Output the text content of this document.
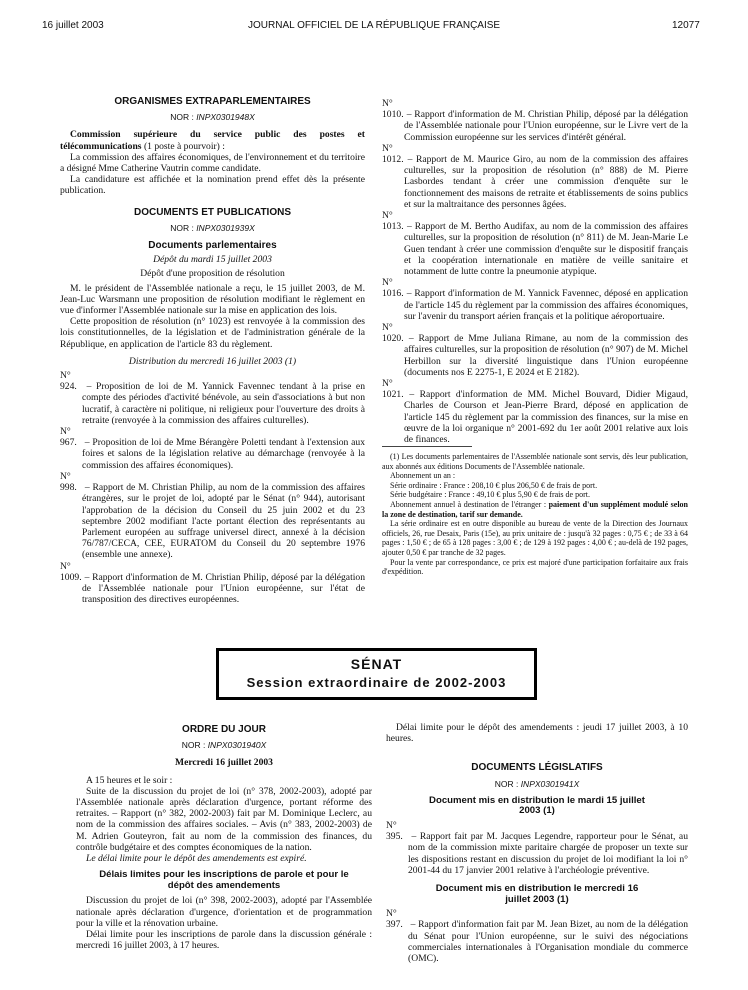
16 juillet 2003	JOURNAL OFFICIEL DE LA RÉPUBLIQUE FRANÇAISE	12077
ORGANISMES EXTRAPARLEMENTAIRES
NOR : INPX0301948X

Commission supérieure du service public des postes et télécommunications (1 poste à pourvoir) :

La commission des affaires économiques, de l'environnement et du territoire a désigné Mme Catherine Vautrin comme candidate.

La candidature est affichée et la nomination prend effet dès la présente publication.

DOCUMENTS ET PUBLICATIONS
NOR : INPX0301939X
Documents parlementaires
Dépôt du mardi 15 juillet 2003
Dépôt d'une proposition de résolution

M. le président de l'Assemblée nationale a reçu, le 15 juillet 2003, de M. Jean-Luc Warsmann une proposition de résolution modifiant le règlement en vue d'informer l'Assemblée nationale sur la mise en application des lois.

Cette proposition de résolution (n° 1023) est renvoyée à la commission des lois constitutionnelles, de la législation et de l'administration générale de la République, en application de l'article 83 du règlement.

Distribution du mercredi 16 juillet 2003 (1)
N° 924. – Proposition de loi de M. Yannick Favennec tendant à la prise en compte des périodes d'activité bénévole, au sein d'associations à but non lucratif, à caractère ni politique, ni religieux pour l'ouverture des droits à retraite (renvoyée à la commission des affaires culturelles).
N° 967. – Proposition de loi de Mme Bérangère Poletti tendant à l'extension aux foires et salons de la législation relative au démarchage (renvoyée à la commission des affaires économiques).
N° 998. – Rapport de M. Christian Philip, au nom de la commission des affaires étrangères, sur le projet de loi, adopté par le Sénat (n° 944), autorisant l'approbation de la décision du Conseil du 25 juin 2002 et du 23 septembre 2002 modifiant l'acte portant élection des représentants au Parlement européen au suffrage universel direct, annexé à la décision 76/787/CECA, CEE, EURATOM du Conseil du 20 septembre 1976 (ensemble une annexe).
N° 1009. – Rapport d'information de M. Christian Philip, déposé par la délégation de l'Assemblée nationale pour l'Union européenne, sur l'état de transposition des directives européennes.
N° 1010. – Rapport d'information de M. Christian Philip, déposé par la délégation de l'Assemblée nationale pour l'Union européenne, sur le Livre vert de la Commission européenne sur les services d'intérêt général.
N° 1012. – Rapport de M. Maurice Giro, au nom de la commission des affaires culturelles, sur la proposition de résolution (n° 888) de M. Pierre Lasbordes tendant à créer une commission d'enquête sur le fonctionnement des maisons de retraite et établissements de soins publics et sur la maltraitance des personnes âgées.
N° 1013. – Rapport de M. Bertho Audifax, au nom de la commission des affaires culturelles, sur la proposition de résolution (n° 811) de M. Jean-Marie Le Guen tendant à créer une commission d'enquête sur le dispositif français et la coopération internationale en matière de veille sanitaire et notamment de lutte contre la pneumonie atypique.
N° 1016. – Rapport d'information de M. Yannick Favennec, déposé en application de l'article 145 du règlement par la commission des affaires économiques, sur l'avenir du transport aérien français et la politique aéroportuaire.
N° 1020. – Rapport de Mme Juliana Rimane, au nom de la commission des affaires culturelles, sur la proposition de résolution (n° 907) de M. Michel Herbillon sur la diversité linguistique dans l'Union européenne (documents nos E 2275-1, E 2024 et E 2182).
N° 1021. – Rapport d'information de MM. Michel Bouvard, Didier Migaud, Charles de Courson et Jean-Pierre Brard, déposé en application de l'article 145 du règlement par la commission des finances, sur la mise en œuvre de la loi organique n° 2001-692 du 1er août 2001 relative aux lois de finances.

(1) Les documents parlementaires de l'Assemblée nationale sont servis, dès leur publication, aux abonnés aux éditions Documents de l'Assemblée nationale.

Abonnement un an :

Série ordinaire : France : 208,10 € plus 206,50 € de frais de port.

Série budgétaire : France : 49,10 € plus 5,90 € de frais de port.

Abonnement annuel à destination de l'étranger : paiement d'un supplément modulé selon la zone de destination, tarif sur demande.

La série ordinaire est en outre disponible au bureau de vente de la Direction des Journaux officiels, 26, rue Desaix, Paris (15e), au prix unitaire de : jusqu'à 32 pages : 0,75 € ; de 33 à 64 pages : 1,50 € ; de 65 à 128 pages : 3,00 € ; de 129 à 192 pages : 4,00 € ; au-delà de 192 pages, ajouter 0,50 € par tranche de 32 pages.

Pour la vente par correspondance, ce prix est majoré d'une participation forfaitaire aux frais d'expédition.

SÉNAT
Session extraordinaire de 2002-2003
ORDRE DU JOUR
NOR : INPX0301940X
Mercredi 16 juillet 2003

A 15 heures et le soir :

Suite de la discussion du projet de loi (n° 378, 2002-2003), adopté par l'Assemblée nationale après déclaration d'urgence, portant réforme des retraites. – Rapport (n° 382, 2002-2003) fait par M. Dominique Leclerc, au nom de la commission des affaires sociales. – Avis (n° 383, 2002-2003) de M. Adrien Gouteyron, fait au nom de la commission des finances, du contrôle budgétaire et des comptes économiques de la nation.

Le délai limite pour le dépôt des amendements est expiré.

Délais limites pour les inscriptions de parole et pour le dépôt des amendements

Discussion du projet de loi (n° 398, 2002-2003), adopté par l'Assemblée nationale après déclaration d'urgence, d'orientation et de programmation pour la ville et la rénovation urbaine.

Délai limite pour les inscriptions de parole dans la discussion générale : mercredi 16 juillet 2003, à 17 heures.

Délai limite pour le dépôt des amendements : jeudi 17 juillet 2003, à 10 heures.

DOCUMENTS LÉGISLATIFS
NOR : INPX0301941X
Document mis en distribution le mardi 15 juillet 2003 (1)
N° 395. – Rapport fait par M. Jacques Legendre, rapporteur pour le Sénat, au nom de la commission mixte paritaire chargée de proposer un texte sur les dispositions restant en discussion du projet de loi modifiant la loi n° 2001-44 du 17 janvier 2001 relative à l'archéologie préventive.
Document mis en distribution le mercredi 16 juillet 2003 (1)
N° 397. – Rapport d'information fait par M. Jean Bizet, au nom de la délégation du Sénat pour l'Union européenne, sur le suivi des négociations commerciales internationales à l'Organisation mondiale du commerce (OMC).
